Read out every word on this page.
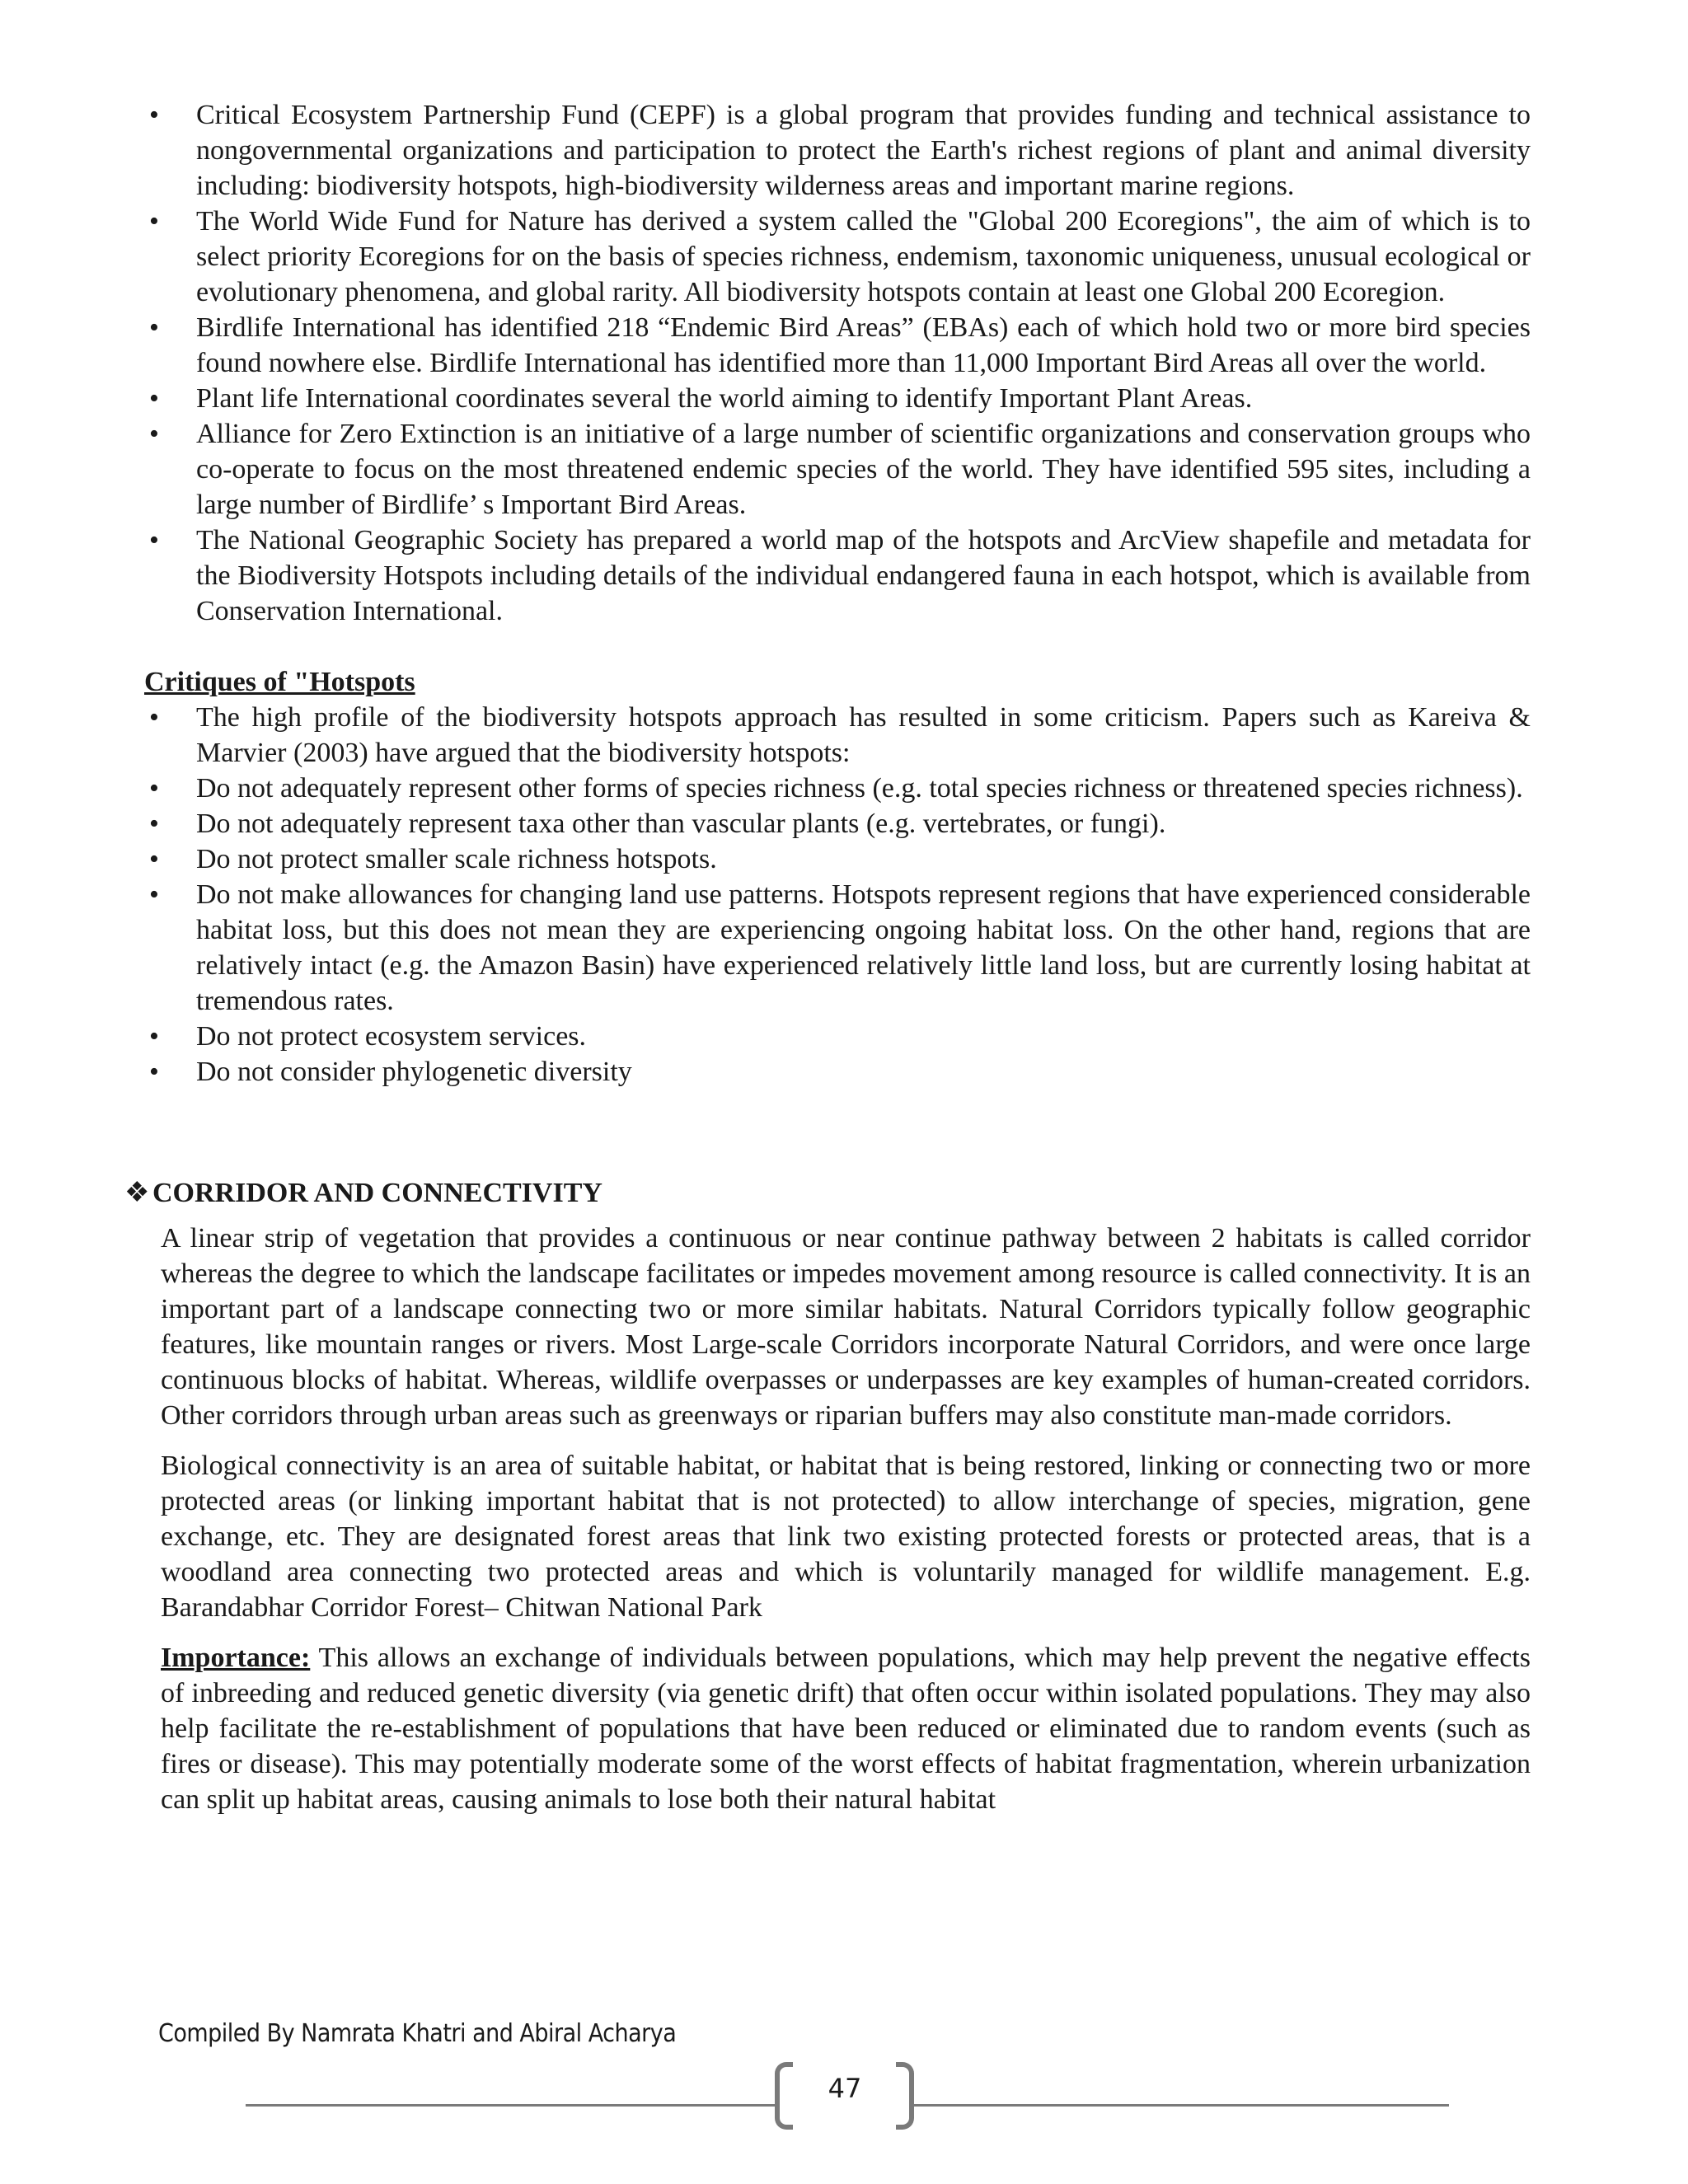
• Critical Ecosystem Partnership Fund (CEPF) is a global program that provides funding and technical assistance to nongovernmental organizations and participation to protect the Earth's richest regions of plant and animal diversity including: biodiversity hotspots, high-biodiversity wilderness areas and important marine regions.
• The World Wide Fund for Nature has derived a system called the "Global 200 Ecoregions", the aim of which is to select priority Ecoregions for on the basis of species richness, endemism, taxonomic uniqueness, unusual ecological or evolutionary phenomena, and global rarity. All biodiversity hotspots contain at least one Global 200 Ecoregion.
• Birdlife International has identified 218 “Endemic Bird Areas” (EBAs) each of which hold two or more bird species found nowhere else. Birdlife International has identified more than 11,000 Important Bird Areas all over the world.
• Plant life International coordinates several the world aiming to identify Important Plant Areas.
• Alliance for Zero Extinction is an initiative of a large number of scientific organizations and conservation groups who co-operate to focus on the most threatened endemic species of the world. They have identified 595 sites, including a large number of Birdlife’ s Important Bird Areas.
• The National Geographic Society has prepared a world map of the hotspots and ArcView shapefile and metadata for the Biodiversity Hotspots including details of the individual endangered fauna in each hotspot, which is available from Conservation International.
Critiques of "Hotspots
• The high profile of the biodiversity hotspots approach has resulted in some criticism. Papers such as Kareiva & Marvier (2003) have argued that the biodiversity hotspots:
• Do not adequately represent other forms of species richness (e.g. total species richness or threatened species richness).
• Do not adequately represent taxa other than vascular plants (e.g. vertebrates, or fungi).
• Do not protect smaller scale richness hotspots.
• Do not make allowances for changing land use patterns. Hotspots represent regions that have experienced considerable habitat loss, but this does not mean they are experiencing ongoing habitat loss. On the other hand, regions that are relatively intact (e.g. the Amazon Basin) have experienced relatively little land loss, but are currently losing habitat at tremendous rates.
• Do not protect ecosystem services.
• Do not consider phylogenetic diversity
❖ CORRIDOR AND CONNECTIVITY

A linear strip of vegetation that provides a continuous or near continue pathway between 2 habitats is called corridor whereas the degree to which the landscape facilitates or impedes movement among resource is called connectivity. It is an important part of a landscape connecting two or more similar habitats. Natural Corridors typically follow geographic features, like mountain ranges or rivers. Most Large-scale Corridors incorporate Natural Corridors, and were once large continuous blocks of habitat. Whereas, wildlife overpasses or underpasses are key examples of human-created corridors. Other corridors through urban areas such as greenways or riparian buffers may also constitute man-made corridors.

Biological connectivity is an area of suitable habitat, or habitat that is being restored, linking or connecting two or more protected areas (or linking important habitat that is not protected) to allow interchange of species, migration, gene exchange, etc. They are designated forest areas that link two existing protected forests or protected areas, that is a woodland area connecting two protected areas and which is voluntarily managed for wildlife management. E.g. Barandabhar Corridor Forest– Chitwan National Park

Importance: This allows an exchange of individuals between populations, which may help prevent the negative effects of inbreeding and reduced genetic diversity (via genetic drift) that often occur within isolated populations. They may also help facilitate the re-establishment of populations that have been reduced or eliminated due to random events (such as fires or disease). This may potentially moderate some of the worst effects of habitat fragmentation, wherein urbanization can split up habitat areas, causing animals to lose both their natural habitat

Compiled By Namrata Khatri and Abiral Acharya
47
